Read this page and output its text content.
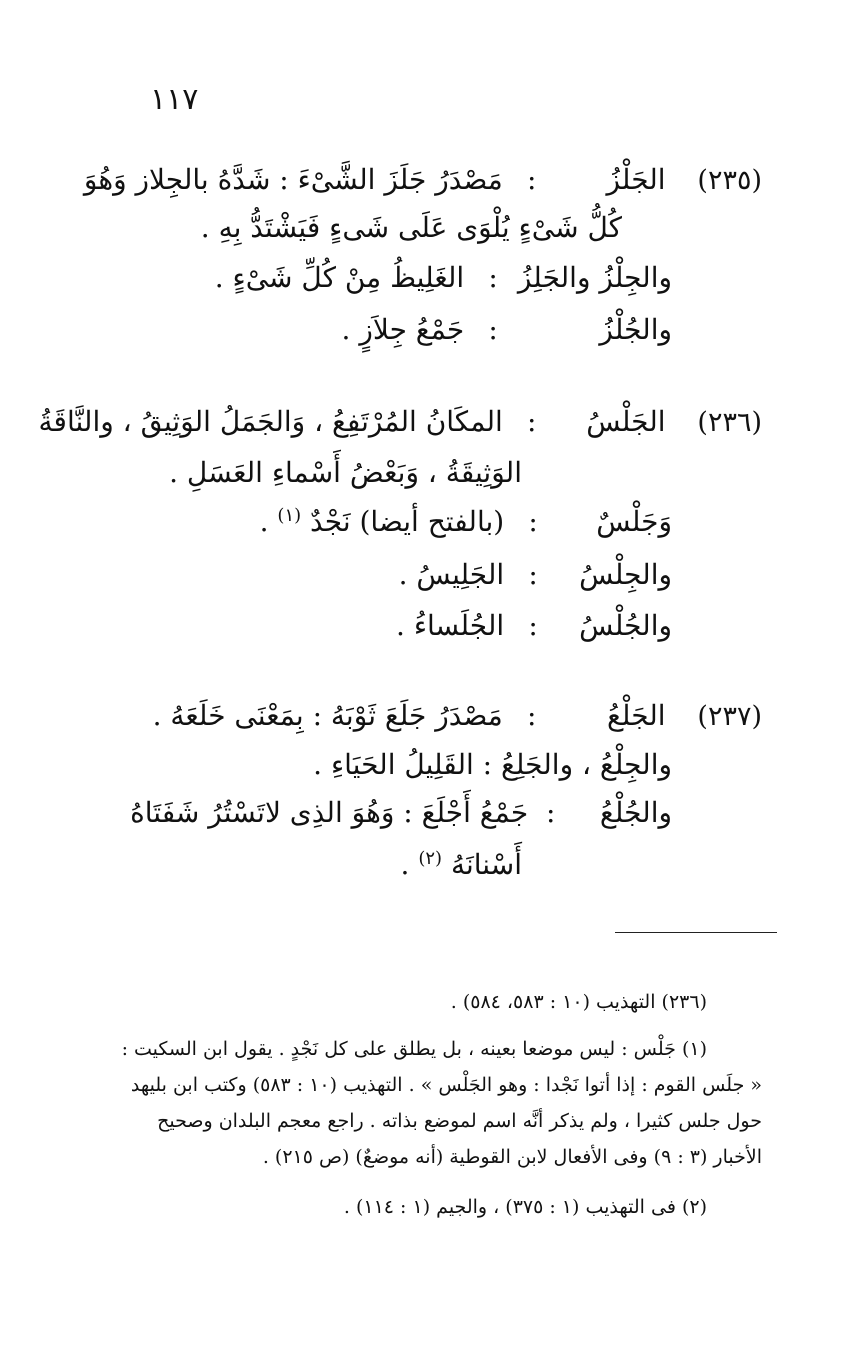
١١٧
(٢٣٥)  الجَلْزُ : مَصْدَرُ جَلَزَ الشَّىْءَ : شَدَّهُ بالجِلاز وَهُوَ
كُلُّ شَىْءٍ يُلْوَى عَلَى شَىءٍ فَيَشْتَدُّ بِهِ .
والجِلْزُ والجَلِزُ : الغَلِيظُ مِنْ كُلِّ شَىْءٍ .
والجُلْزُ : جَمْعُ جِلاَزٍ .
(٢٣٦)  الجَلْسُ : المكَانُ المُرْتَفِعُ ، وَالجَمَلُ الوَثِيقُ ، والنَّاقَةُ
الوَثِيقَةُ ، وَبَعْضُ أَسْماءِ العَسَلِ .
وَجَلْسٌ : (بالفتح أيضا) نَجْدٌ (١) .
والجِلْسُ : الجَلِيسُ .
والجُلْسُ : الجُلَساءُ .
(٢٣٧)  الجَلْعُ : مَصْدَرُ جَلَعَ ثَوْبَهُ : بِمَعْنَى خَلَعَهُ .
والجِلْعُ ، والجَلِعُ : القَلِيلُ الحَيَاءِ .
والجُلْعُ     :  جَمْعُ أَجْلَعَ : وَهُوَ الذِى لاتَسْتُرُ شَفَتَاهُ
أَسْنانَهُ (٢) .
(٢٣٦) التهذيب (١٠ : ٥٨٣، ٥٨٤) .
(١) جَلْس : ليس موضعا بعينه ، بل يطلق على كل نَجْدٍ . يقول ابن السكيت :
« جلَس القوم : إذا أتوا نَجْدا : وهو الجَلْس » . التهذيب (١٠ : ٥٨٣) وكتب ابن بليهد
حول جلس كثيرا ، ولم يذكر أنَّه اسم لموضع بذاته . راجع معجم البلدان وصحيح
الأخبار (٣ : ٩) وفى الأفعال لابن القوطية (أنه موضعٌ) (ص ٢١٥) .
(٢) فى التهذيب (١ : ٣٧٥) ، والجيم (١ : ١١٤) .
